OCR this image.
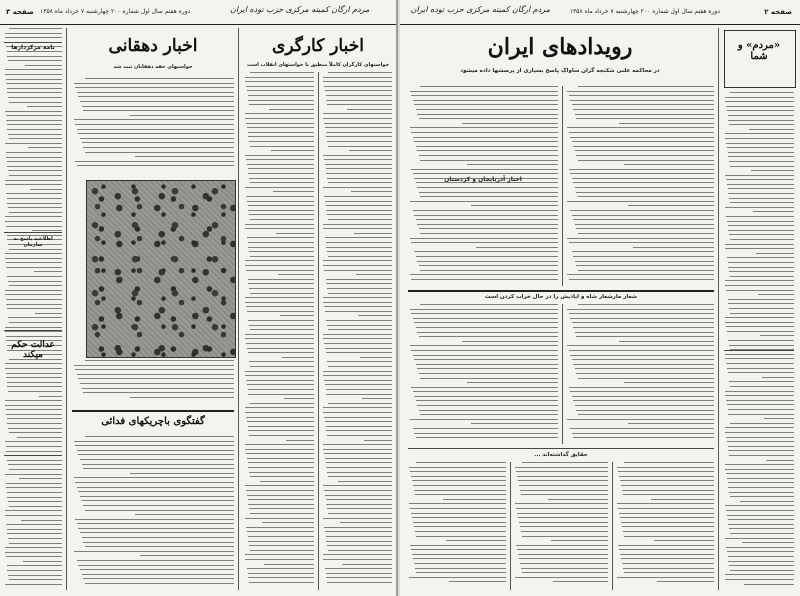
صفحه ۳ دوره هفتم سال اول شماره ۲۰۰ چهارشنبه ۷ خرداد ماه ۱۳۵۸	مردم ارگان کمیته مرکزی حزب توده ایران
نامه مرکزدارها
اطلاعیه پاسخ به سازمان
عدالت حکم میکند
اخبار دهقانی
خواستهای حقه دهقانان ثبت شد
گفتگوی باچریکهای فدائی
اخبار کارگری
خواستهای کارگران کاملاً منطبق با خواستهای انقلاب است
صفحه ۲
دوره هفتم سال اول شماره ۲۰۰ چهارشنبه ۷ خرداد ماه ۱۳۵۸
مردم ارگان کمیته مرکزی حزب توده ایران
رویدادهای ایران
در محاکمه علنی شکنجه گران ساواک پاسخ بسیاری از پرسشها داده میشود
اخبار آذربایجان و کردستان
شعار مارشعار شاه و ایادیش را در حال خراب کردن است
حقایق گذاشته‌اند ...
«مردم» و شما
